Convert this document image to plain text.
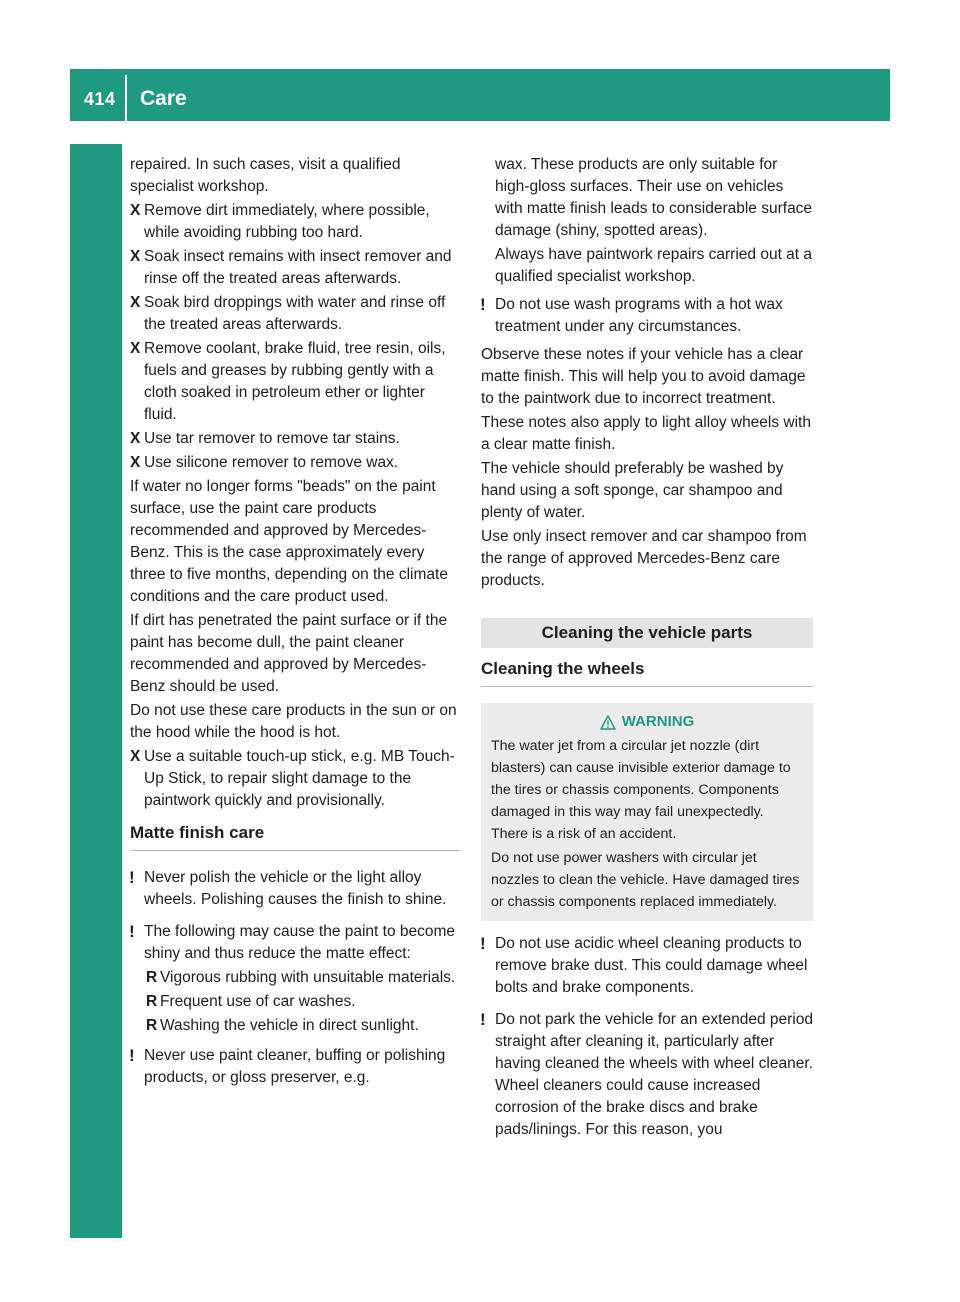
414 Care
Maintenance and care

repaired. In such cases, visit a qualified specialist workshop.

X Remove dirt immediately, where possible, while avoiding rubbing too hard.
X Soak insect remains with insect remover and rinse off the treated areas afterwards.
X Soak bird droppings with water and rinse off the treated areas afterwards.
X Remove coolant, brake fluid, tree resin, oils, fuels and greases by rubbing gently with a cloth soaked in petroleum ether or lighter fluid.
X Use tar remover to remove tar stains.
X Use silicone remover to remove wax.

If water no longer forms "beads" on the paint surface, use the paint care products recommended and approved by Mercedes-Benz. This is the case approximately every three to five months, depending on the climate conditions and the care product used.

If dirt has penetrated the paint surface or if the paint has become dull, the paint cleaner recommended and approved by Mercedes-Benz should be used.

Do not use these care products in the sun or on the hood while the hood is hot.

X Use a suitable touch-up stick, e.g. MB Touch-Up Stick, to repair slight damage to the paintwork quickly and provisionally.
Matte finish care
! Never polish the vehicle or the light alloy wheels. Polishing causes the finish to shine.
! The following may cause the paint to become shiny and thus reduce the matte effect:
R Vigorous rubbing with unsuitable materials.
R Frequent use of car washes.
R Washing the vehicle in direct sunlight.
! Never use paint cleaner, buffing or polishing products, or gloss preserver, e.g.

wax. These products are only suitable for high-gloss surfaces. Their use on vehicles with matte finish leads to considerable surface damage (shiny, spotted areas).

Always have paintwork repairs carried out at a qualified specialist workshop.

! Do not use wash programs with a hot wax treatment under any circumstances.

Observe these notes if your vehicle has a clear matte finish. This will help you to avoid damage to the paintwork due to incorrect treatment.

These notes also apply to light alloy wheels with a clear matte finish.

The vehicle should preferably be washed by hand using a soft sponge, car shampoo and plenty of water.

Use only insect remover and car shampoo from the range of approved Mercedes-Benz care products.

Cleaning the vehicle parts
Cleaning the wheels
WARNING

The water jet from a circular jet nozzle (dirt blasters) can cause invisible exterior damage to the tires or chassis components. Components damaged in this way may fail unexpectedly. There is a risk of an accident.

Do not use power washers with circular jet nozzles to clean the vehicle. Have damaged tires or chassis components replaced immediately.

! Do not use acidic wheel cleaning products to remove brake dust. This could damage wheel bolts and brake components.
! Do not park the vehicle for an extended period straight after cleaning it, particularly after having cleaned the wheels with wheel cleaner. Wheel cleaners could cause increased corrosion of the brake discs and brake pads/linings. For this reason, you
